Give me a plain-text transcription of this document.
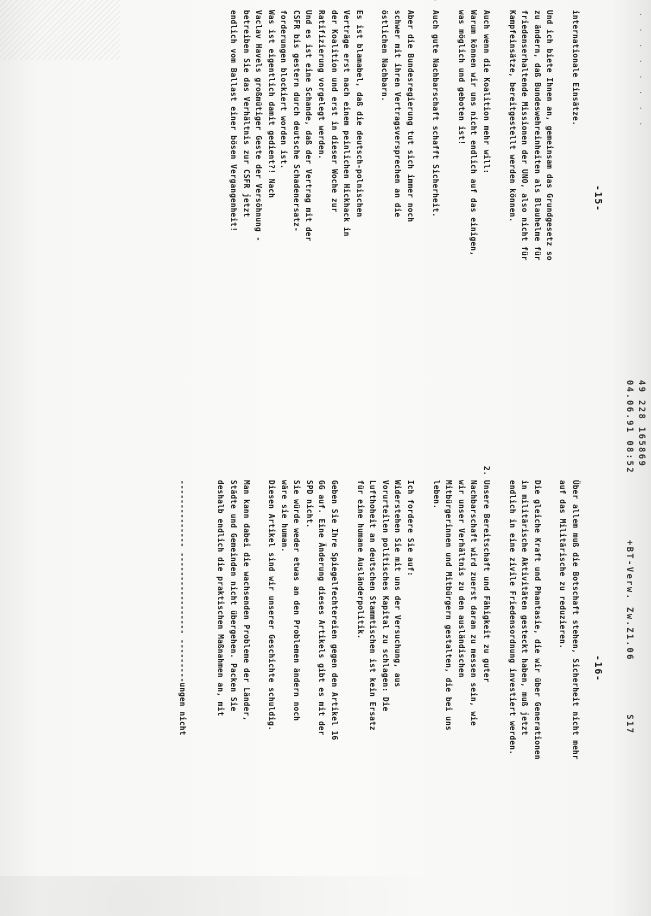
· · · · · · · ·
49 228 165869
04.06.91 08:52
+BT-Verw. Zw.Z1.06  S17
-15-
-16-
internationale Einsätze.
Und ich biete Ihnen an, gemeinsam das Grundgesetz so
zu ändern, daß Bundeswehreinheiten als Blauhelme für
friedenserhaltende Missionen der UNO, also nicht für
Kampfeinsätze, bereitgestellt werden können.
Auch wenn die Koalition mehr will:
Warum können wir uns nicht endlich auf das einigen,
was möglich und geboten ist!
Auch gute Nachbarschaft schafft Sicherheit.
Aber die Bundesregierung tut sich immer noch
schwer mit ihren Vertragsversprechen an die
östlichen Nachbarn.
Es ist blamabel, daß die deutsch-polnischen
Verträge erst nach einem peinlichen Hickhack in
der Koalition und erst in dieser Woche zur
Ratifizierung vorgelegt werden.
Und es ist eine Schande, daß der Vertrag mit der
CSFR bis gestern durch deutsche Schadenersatz-
forderungen blockiert worden ist.
Was ist eigentlich damit gedient?! Nach
Vaclav Havels großmütiger Geste der Versöhnung -
betreiben Sie das Verhältnis zur CSFR jetzt
endlich vom Ballast einer bösen Vergangenheit!
Über allem muß die Botschaft stehen, Sicherheit nicht mehr
auf das Militärische zu reduzieren.
Die gleiche Kraft und Phantasie, die wir über Generationen
in militärische Aktivitäten gesteckt haben, muß jetzt
endlich in eine zivile Friedensordnung investiert werden.
2.
Unsere Bereitschaft und Fähigkeit zu guter
Nachbarschaft wird zuerst daran zu messen sein, wie
wir unser Verhältnis zu den ausländischen
Mitbürgerinnen und Mitbürgern gestalten, die bei uns
leben.
Ich fordere Sie auf:
Widerstehen Sie mit uns der Versuchung, aus
Vorurteilen politisches Kapital zu schlagen: Die
Lufthoheit an deutschen Stammtischen ist kein Ersatz
für eine humane Ausländerpolitik.
Geben Sie Ihre Spiegelfechtereien gegen den Artikel 16
GG auf. Eine Änderung dieses Artikels gibt es mit der
SPD nicht.
Sie würde weder etwas an den Problemen ändern noch
wäre sie human.
Diesen Artikel sind wir unserer Geschichte schuldig.
Man kann dabei die wachsenden Probleme der Länder,
Städte und Gemeinden nicht übergehen. Packen Sie
deshalb endlich die praktischen Maßnahmen an, mit
-------------- ----------------- ---------ungen nicht
